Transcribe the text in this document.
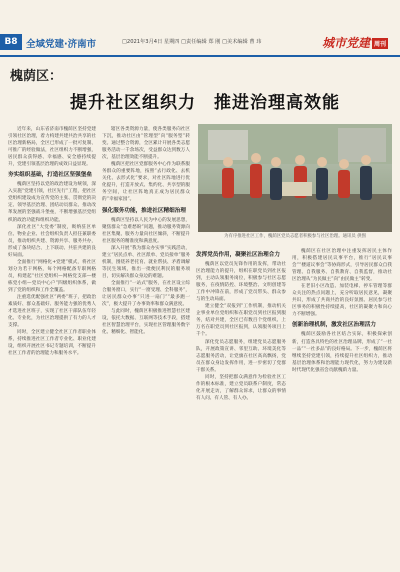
B8 全域党建·济南市	□2021年3月4日 星期四 □责任编辑 郑 刚 □美术编辑 曹 玮	城市党建 周刊
槐荫区：
提升社区组织力　推进治理高效能

近年来，山东省济南市槐荫区坚持党建引领社区治理，着力构建共建共治共享的社区治理新格局，全区已形成了一批可复制、可推广的经验做法，社区组织力不断增强，居民群众获得感、幸福感、安全感持续提升，党建引领基层治理的成效日益显现。

夯实组织基础，打造社区坚强堡垒

槐荫区坚持以党的政治建设为统领，深入实施“党建引领，社区先行”工程，把社区党组织建设成为宣传党的主张、贯彻党的决定、领导基层治理、团结动员群众、推动改革发展的坚强战斗堡垒，不断增强基层党组织的政治功能和组织功能。

深化社区“大党委”制度，吸纳驻区单位、物业企业、社会组织负责人担任兼职委员，推动组织共建、资源共享、服务共办，形成了条块结合、上下联动、共驻共建的良好局面。

全面推行“网格化+党建”模式，将社区划分为若干网格，每个网格配备专职网格员，构建起“社区党组织—网格党支部—楼栋党小组—党员中心户”四级组织体系，做到了党的组织和工作全覆盖。

注重选优配强社区“两委”班子，把政治素质好、群众基础好、服务能力强的优秀人才选进社区班子，实现了社区干部队伍年轻化、专业化，为社区治理提供了有力的人才支撑。

同时，全区建立健全社区工作者职业体系，持续推进社区工作者专业化、职业化建设，组织开展社区书记专题培训，不断提升社区工作者的治理能力和服务水平。

辖区各类资源力量，使各类服务向社区下沉，推动社区由“管理型”向“服务型”转变。通过整合资源，全区累计开展各类志愿服务活动一千余场次，受益群众达到数万人次，基层治理效能不断提升。

槐荫区把社区党群服务中心作为联系服务群众的重要阵地，按照“去行政化、去机关化、去形式化”要求，对社区阵地进行优化提升，打造开放式、集约化、共享型的服务空间，让社区阵地真正成为居民群众的“幸福家园”。

强化服务功能，推进社区精细治理

槐荫区坚持以人民为中心的发展思想，聚焦群众“急难愁盼”问题，推动服务资源向社区集聚、服务力量向社区倾斜，不断提升社区服务的精准度和满意度。

深入开展“我为群众办实事”实践活动，建立“居民点单、社区派单、党员接单”服务机制，围绕养老托育、就业帮扶、矛盾调解等民生领域，推出一批便民利民的服务项目，切实解决群众身边的难题。

全面推行“一站式”服务，在社区设立综合服务窗口，实行“一窗受理、全科服务”，让居民群众办事“只进一扇门”“最多跑一次”，极大提升了办事效率和群众满意度。

与此同时，槐荫区积极推进智慧社区建设，依托大数据、互联网等技术手段，搭建社区智慧治理平台，实现社区管理服务数字化、精细化、智能化。

为有序推进社区工作，槐荫区党员志愿者积极参与社区治理。通讯员 供图
发挥党员作用，凝聚社区治理合力

槐荫区以党员先锋作用的发挥，带动社区治理能力的提升，组织在职党员到社区报到，主动认领服务岗位，积极参与社区志愿服务，在疫情防控、环境整治、文明创建等工作中冲锋在前，形成了党员带头、群众参与的生动局面。

建立健全“双报到”工作机制，推动机关企事业单位党组织和在职党员到社区报到服务，结对共建，全区已有数百个党组织、上万名在职党员到社区报到，认领服务项目上千个。

深化党员志愿服务，组建党员志愿服务队，开展政策宣讲、邻里互助、环境美化等志愿服务活动，让党旗在社区高高飘扬，党员在群众身边发挥作用，进一步密切了党群干群关系。

同时，坚持把群众满意作为检验社区工作的根本标准，建立党员联系户制度，常态化开展走访，了解群众诉求，让群众的事情有人问、有人管、有人办。

槐荫区在社区治理中注重发挥居民主体作用，积极搭建居民议事平台，推行“居民议事会”“楼道议事会”等协商形式，引导居民群众自我管理、自我服务、自我教育、自我监督，推动社区治理从“为民做主”向“由民做主”转变。

在老旧小区改造、加装电梯、停车管理等群众关注的热点问题上，充分听取居民意见，凝聚共识，形成了共商共治的良好氛围。居民参与社区事务的积极性持续提高，社区的凝聚力和向心力不断增强。

创新治理机制，激发社区治理活力

槐荫区鼓励各社区结合实际，积极探索创新，打造各具特色的社区治理品牌，形成了“一社一品”“一社多品”的良好格局。下一步，槐荫区将继续坚持党建引领，持续提升社区组织力，推动基层治理体系和治理能力现代化，努力为建设新时代现代化强省会贡献槐荫力量。
